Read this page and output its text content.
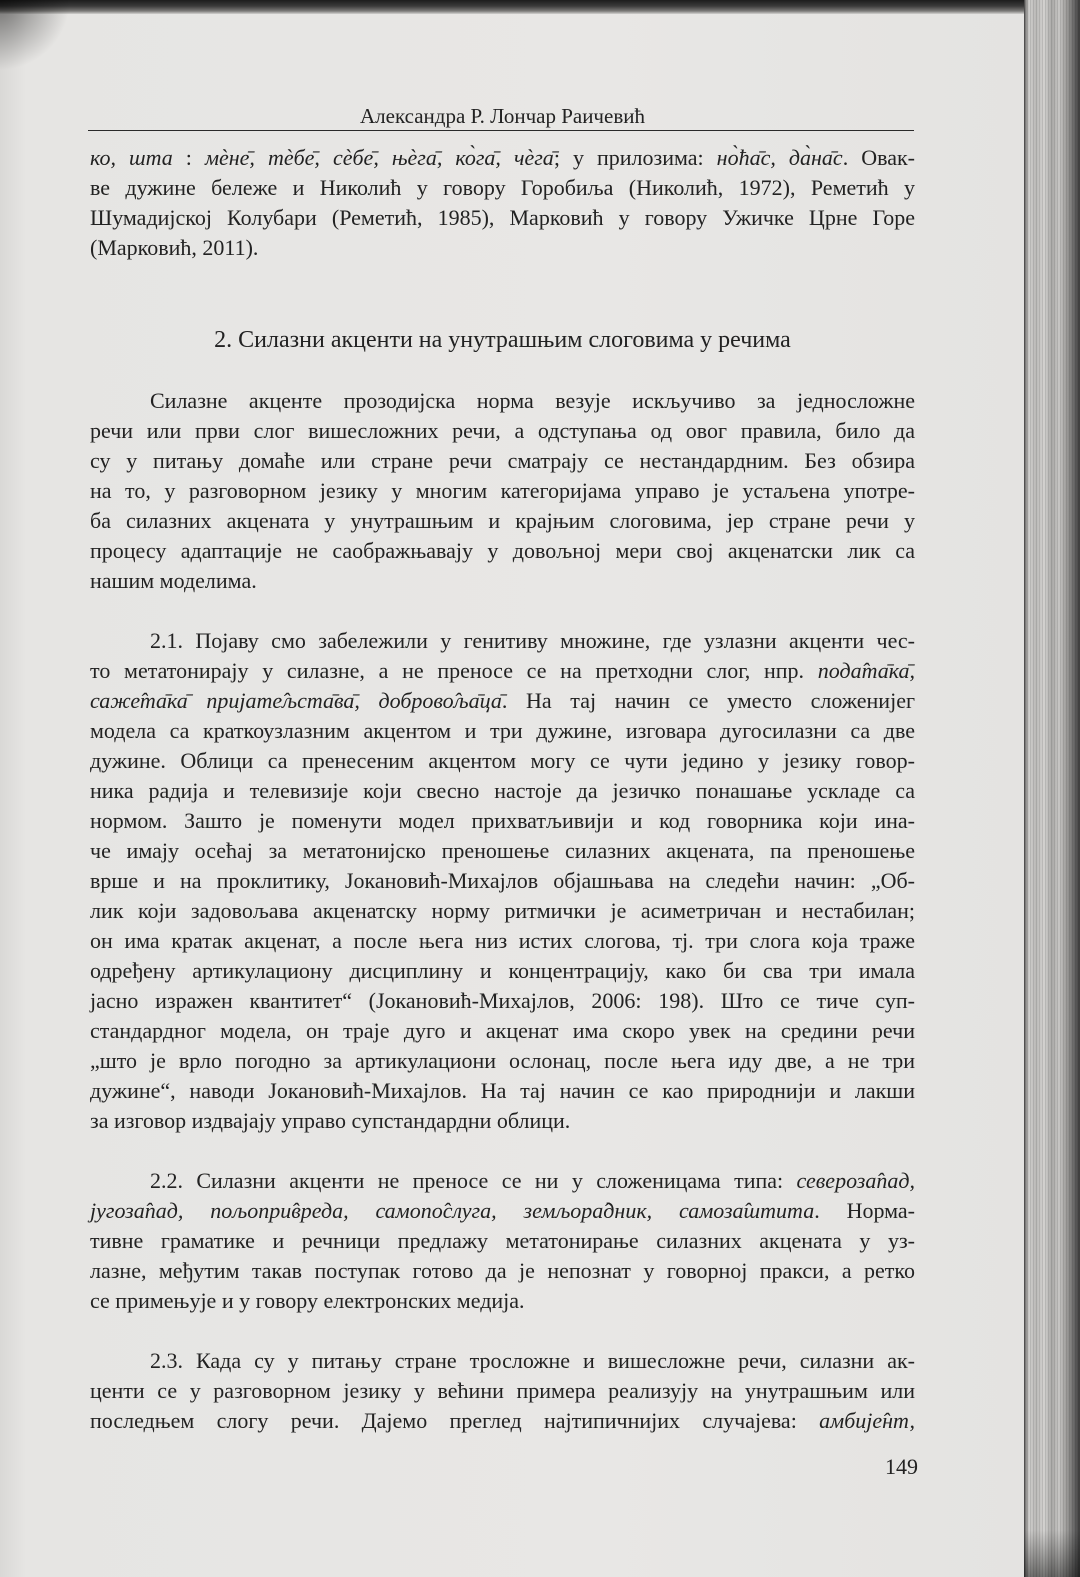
Александра Р. Лончар Раичевић
ко, шта : мѐне̄, тѐбе̄, сѐбе̄, њѐга̄, ко̀га̄, чѐга̄; у прилозима: но̀ћа̄с, да̀на̄с. Овак-
ве дужине бележе и Николић у говору Горобиља (Николић, 1972), Реметић у
Шумадијској Колубари (Реметић, 1985), Марковић у говору Ужичке Црне Горе
(Марковић, 2011).
2. Силазни акценти на унутрашњим слоговима у речима
Силазне акценте прозодијска норма везује искључиво за једносложне
речи или први слог вишесложних речи, а одступања од овог правила, било да
су у питању домаће или стране речи сматрају се нестандардним. Без обзира
на то, у разговорном језику у многим категоријама управо је устаљена употре-
ба силазних акцената у унутрашњим и крајњим слоговима, јер стране речи у
процесу адаптације не саображњавају у довољној мери свој акценатски лик са
нашим моделима.
2.1. Појаву смо забележили у генитиву множине, где узлазни акценти чес-
то метатонирају у силазне, а не преносе се на претходни слог, нпр. пода̂та̄ка̄,
саже̂та̄ка̄ пријате̂љста̄ва̄, доброво̂ља̄ца̄. На тај начин се уместо сложенијег
модела са краткоузлазним акцентом и три дужине, изговара дугосилазни са две
дужине. Облици са пренесеним акцентом могу се чути једино у језику говор-
ника радија и телевизије који свесно настоје да језичко понашање ускладе са
нормом. Зашто је поменути модел прихватљивији и код говорника који ина-
че имају осећај за метатонијско преношење силазних акцената, па преношење
врше и на проклитику, Јокановић-Михајлов објашњава на следећи начин: „Об-
лик који задовољава акценатску норму ритмички је асиметричан и нестабилан;
он има кратак акценат, а после њега низ истих слогова, тј. три слога која траже
одређену артикулациону дисциплину и концентрацију, како би сва три имала
јасно изражен квантитет“ (Јокановић-Михајлов, 2006: 198). Што се тиче суп-
стандардног модела, он траје дуго и акценат има скоро увек на средини речи
„што је врло погодно за артикулациони ослонац, после њега иду две, а не три
дужине“, наводи Јокановић-Михајлов. На тај начин се као природнији и лакши
за изговор издвајају управо супстандардни облици.
2.2. Силазни акценти не преносе се ни у сложеницама типа: североза̂пад,
југоза̂пад, пољопри̂вреда, самопо̂слуга, земљора̂дник, самоза̂штита. Норма-
тивне граматике и речници предлажу метатонирање силазних акцената у уз-
лазне, међутим такав поступак готово да је непознат у говорној пракси, а ретко
се примењује и у говору електронских медија.
2.3. Када су у питању стране тросложне и вишесложне речи, силазни ак-
центи се у разговорном језику у већини примера реализују на унутрашњим или
последњем слогу речи. Дајемо преглед најтипичнијих случајева: амбије̂нт,
149
